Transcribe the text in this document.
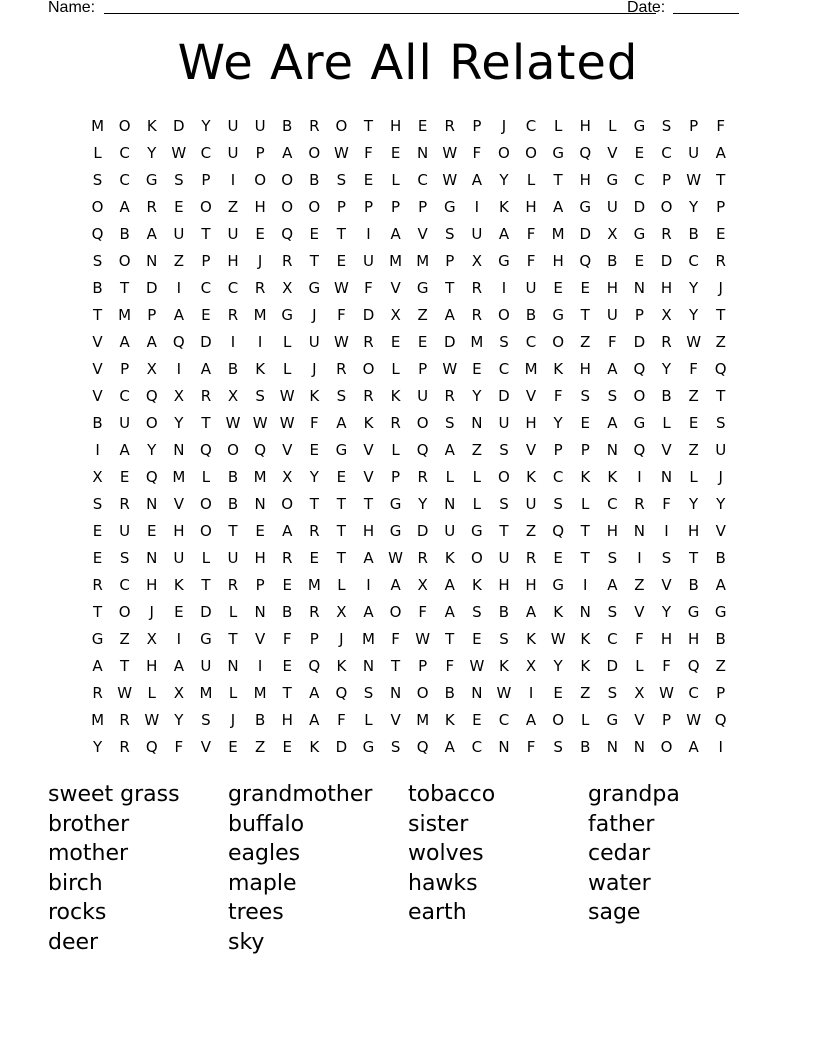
Name:	Date:
We Are All Related
M O	K	D	Y	U	U	B	R	O	T	H	E	R	P	J	C	L	H	L	G	S	P	F
L	C	Y	W C	U	P	A	O W	F	E	N W	F	O	O	G	Q	V	E	C	U	A
S	C	G	S	P	I	O	O	B	S	E	L	C W A	Y	L	T	H	G	C	P	W	T
O	A	R	E	O	Z	H	O	O	P	P	P	P	G	I	K	H	A	G	U	D	O	Y	P
Q	B	A	U	T	U	E	Q	E	T	I	A	V	S	U	A	F	M D	X	G	R	B	E
S	O	N	Z	P	H	J	R	T	E	U	M M	P	X	G	F	H	Q	B	E	D	C	R
B	T	D	I	C	C	R	X	G W	F	V	G	T	R	I	U	E	E	H	N	H	Y	J
T	M	P	A	E	R	M G	J	F	D	X	Z	A	R	O	B	G	T	U	P	X	Y	T
V	A	A	Q	D	I	I	L	U W R	E	E	D M	S	C	O	Z	F	D	R W Z
V	P	X	I	A	B	K	L	J	R	O	L	P	W E	C	M	K	H	A	Q	Y	F	Q
V	C	Q	X	R	X	S W K	S	R	K	U	R	Y	D	V	F	S	S	O	B	Z	T
B	U	O	Y	T	W W W	F	A	K	R	O	S	N	U	H	Y	E	A	G	L	E	S
I	A	Y	N	Q	O	Q	V	E	G	V	L	Q	A	Z	S	V	P	P	N	Q	V	Z	U
X	E	Q M	L	B	M	X	Y	E	V	P	R	L	L	O	K	C	K	K	I	N	L	J
S	R	N	V	O	B	N	O	T	T	T	G	Y	N	L	S	U	S	L	C	R	F	Y	Y
E	U	E	H	O	T	E	A	R	T	H	G	D	U	G	T	Z	Q	T	H	N	I	H	V
E	S	N	U	L	U	H	R	E	T	A W R	K	O	U	R	E	T	S	I	S	T	B
R	C	H	K	T	R	P	E	M	L	I	A	X	A	K	H	H	G	I	A	Z	V	B	A
T	O	J	E	D	L	N	B	R	X	A	O	F	A	S	B	A	K	N	S	V	Y	G	G
G	Z	X	I	G	T	V	F	P	J	M	F	W	T	E	S	K W K	C	F	H	H	B
A	T	H	A	U	N	I	E	Q	K	N	T	P	F	W K	X	Y	K	D	L	F	Q	Z
R W	L	X	M	L	M	T	A	Q	S	N	O	B	N W	I	E	Z	S	X W C	P
M	R W	Y	S	J	B	H	A	F	L	V	M	K	E	C	A	O	L	G	V	P	W Q
Y	R	Q	F	V	E	Z	E	K	D	G	S	Q	A	C	N	F	S	B	N	N	O	A	I
sweet grass
brother
mother
birch
rocks
deer
grandmother
buffalo
eagles
maple
trees
sky
tobacco
sister
wolves
hawks
earth
grandpa
father
cedar
water
sage
